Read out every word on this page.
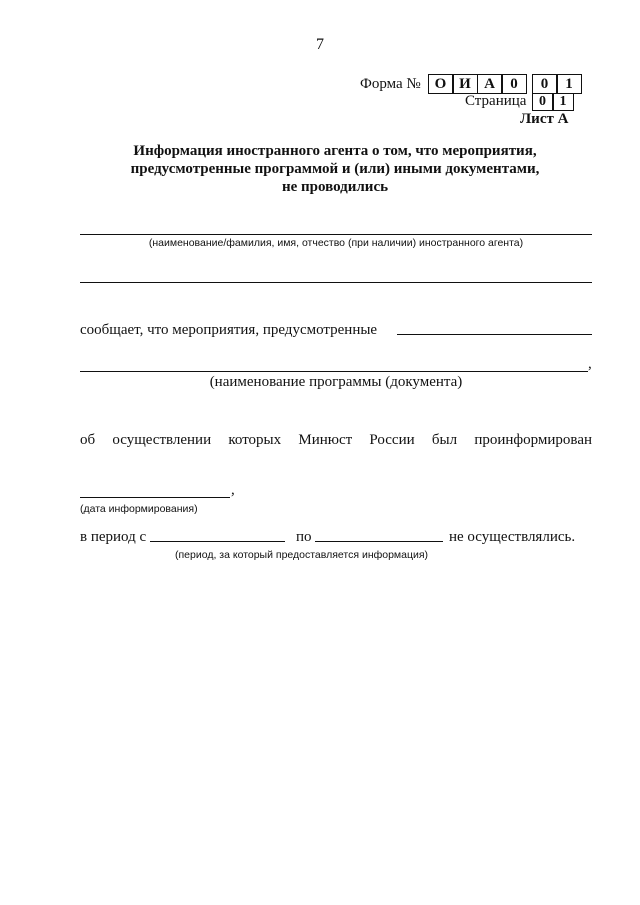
7
Форма № О И А	0	0	1
Страница 0 1
Лист А
Информация иностранного агента о том, что мероприятия,
предусмотренные программой и (или) иными документами,
не проводились
(наименование/фамилия, имя, отчество (при наличии) иностранного агента)
сообщает, что мероприятия, предусмотренные
,
(наименование программы (документа)
об осуществлении которых Минюст России был проинформирован
,
(дата информирования)
в период с	по	не осуществлялись.
(период, за который предоставляется информация)
